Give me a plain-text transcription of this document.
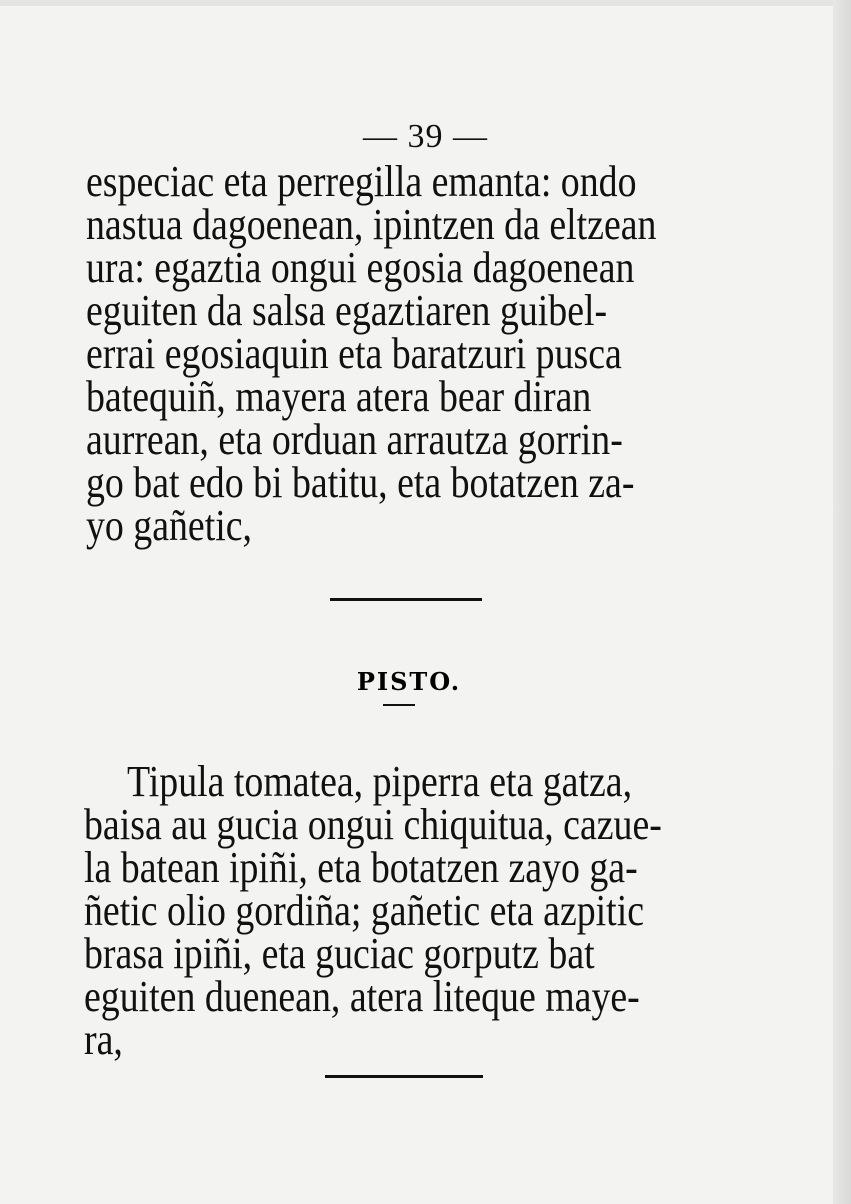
— 39 —
especiac eta perregilla emanta: ondo
nastua dagoenean, ipintzen da eltzean
ura: egaztia ongui egosia dagoenean
eguiten da salsa egaztiaren guibel-
errai egosiaquin eta baratzuri pusca
batequiñ, mayera atera bear diran
aurrean, eta orduan arrautza gorrin-
go bat edo bi batitu, eta botatzen za-
yo gañetic,
PISTO.
Tipula tomatea, piperra eta gatza,
baisa au gucia ongui chiquitua, cazue-
la batean ipiñi, eta botatzen zayo ga-
ñetic olio gordiña; gañetic eta azpitic
brasa ipiñi, eta guciac gorputz bat
eguiten duenean, atera liteque maye-
ra,
